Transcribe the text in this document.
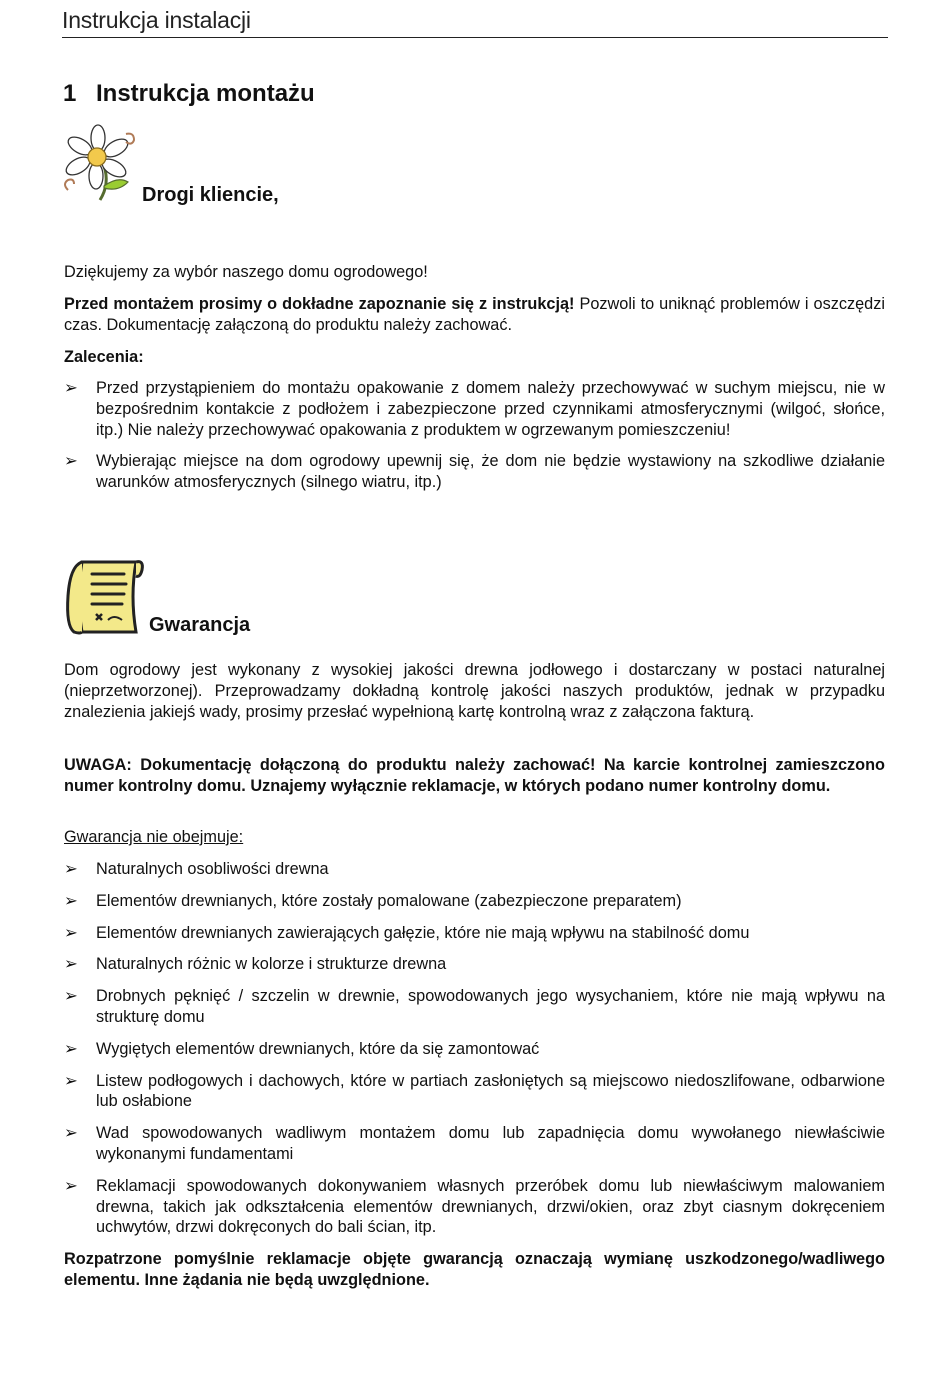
Instrukcja instalacji
1 Instrukcja montażu
Drogi kliencie,

Dziękujemy za wybór naszego domu ogrodowego!

Przed montażem prosimy o dokładne zapoznanie się z instrukcją! Pozwoli to uniknąć problemów i oszczędzi czas. Dokumentację załączoną do produktu należy zachować.

Zalecenia:

➢ Przed przystąpieniem do montażu opakowanie z domem należy przechowywać w suchym miejscu, nie w bezpośrednim kontakcie z podłożem i zabezpieczone przed czynnikami atmosferycznymi (wilgoć, słońce, itp.) Nie należy przechowywać opakowania z produktem w ogrzewanym pomieszczeniu!
➢ Wybierając miejsce na dom ogrodowy upewnij się, że dom nie będzie wystawiony na szkodliwe działanie warunków atmosferycznych (silnego wiatru, itp.)
Gwarancja

Dom ogrodowy jest wykonany z wysokiej jakości drewna jodłowego i dostarczany w postaci naturalnej (nieprzetworzonej). Przeprowadzamy dokładną kontrolę jakości naszych produktów, jednak w przypadku znalezienia jakiejś wady, prosimy przesłać wypełnioną kartę kontrolną wraz z załączona fakturą.

UWAGA: Dokumentację dołączoną do produktu należy zachować! Na karcie kontrolnej zamieszczono numer kontrolny domu. Uznajemy wyłącznie reklamacje, w których podano numer kontrolny domu.

Gwarancja nie obejmuje:

➢ Naturalnych osobliwości drewna
➢ Elementów drewnianych, które zostały pomalowane (zabezpieczone preparatem)
➢ Elementów drewnianych zawierających gałęzie, które nie mają wpływu na stabilność domu
➢ Naturalnych różnic w kolorze i strukturze drewna
➢ Drobnych pęknięć / szczelin w drewnie, spowodowanych jego wysychaniem, które nie mają wpływu na strukturę domu
➢ Wygiętych elementów drewnianych, które da się zamontować
➢ Listew podłogowych i dachowych, które w partiach zasłoniętych są miejscowo niedoszlifowane, odbarwione lub osłabione
➢ Wad spowodowanych wadliwym montażem domu lub zapadnięcia domu wywołanego niewłaściwie wykonanymi fundamentami
➢ Reklamacji spowodowanych dokonywaniem własnych przeróbek domu lub niewłaściwym malowaniem drewna, takich jak odkształcenia elementów drewnianych, drzwi/okien, oraz zbyt ciasnym dokręceniem uchwytów, drzwi dokręconych do bali ścian, itp.

Rozpatrzone pomyślnie reklamacje objęte gwarancją oznaczają wymianę uszkodzonego/wadliwego elementu. Inne żądania nie będą uwzględnione.
